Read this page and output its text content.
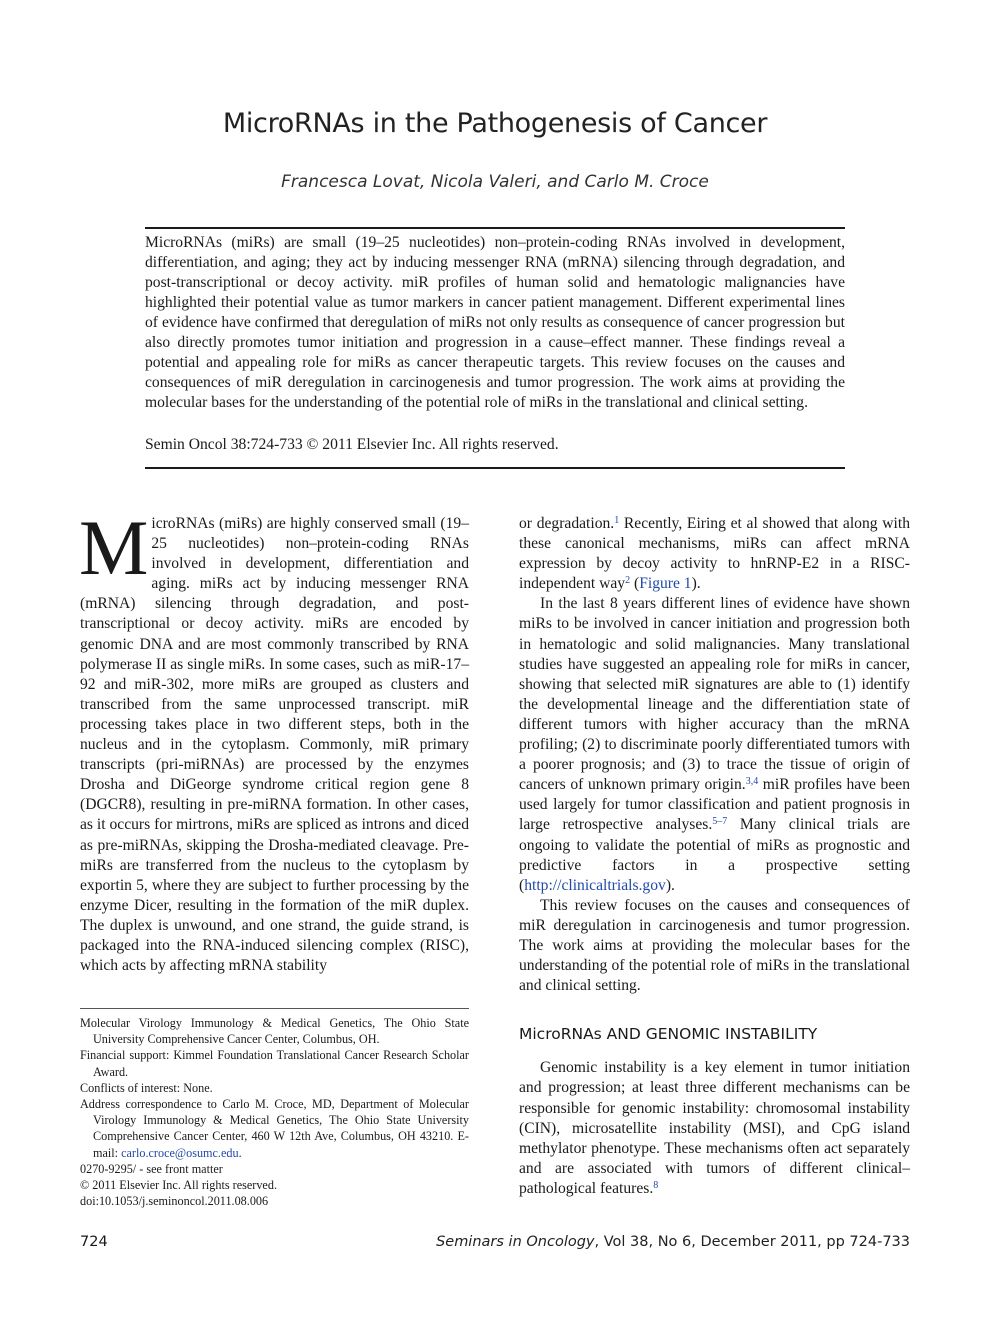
MicroRNAs in the Pathogenesis of Cancer
Francesca Lovat, Nicola Valeri, and Carlo M. Croce

MicroRNAs (miRs) are small (19–25 nucleotides) non–protein-coding RNAs involved in development, differentiation, and aging; they act by inducing messenger RNA (mRNA) silencing through degradation, and post-transcriptional or decoy activity. miR profiles of human solid and hematologic malignancies have highlighted their potential value as tumor markers in cancer patient management. Different experimental lines of evidence have confirmed that deregulation of miRs not only results as consequence of cancer progression but also directly promotes tumor initiation and progression in a cause–effect manner. These findings reveal a potential and appealing role for miRs as cancer therapeutic targets. This review focuses on the causes and consequences of miR deregulation in carcinogenesis and tumor progression. The work aims at providing the molecular bases for the understanding of the potential role of miRs in the translational and clinical setting.

Semin Oncol 38:724-733 © 2011 Elsevier Inc. All rights reserved.

MicroRNAs (miRs) are highly conserved small (19–25 nucleotides) non–protein-coding RNAs involved in development, differentiation and aging. miRs act by inducing messenger RNA (mRNA) silencing through degradation, and post-transcriptional or decoy activity. miRs are encoded by genomic DNA and are most commonly transcribed by RNA polymerase II as single miRs. In some cases, such as miR-17–92 and miR-302, more miRs are grouped as clusters and transcribed from the same unprocessed transcript. miR processing takes place in two different steps, both in the nucleus and in the cytoplasm. Commonly, miR primary transcripts (pri-miRNAs) are processed by the enzymes Drosha and DiGeorge syndrome critical region gene 8 (DGCR8), resulting in pre-miRNA formation. In other cases, as it occurs for mirtrons, miRs are spliced as introns and diced as pre-miRNAs, skipping the Drosha-mediated cleavage. Pre-miRs are transferred from the nucleus to the cytoplasm by exportin 5, where they are subject to further processing by the enzyme Dicer, resulting in the formation of the miR duplex. The duplex is unwound, and one strand, the guide strand, is packaged into the RNA-induced silencing complex (RISC), which acts by affecting mRNA stability

Molecular Virology Immunology & Medical Genetics, The Ohio State University Comprehensive Cancer Center, Columbus, OH.

Financial support: Kimmel Foundation Translational Cancer Research Scholar Award.

Conflicts of interest: None.

Address correspondence to Carlo M. Croce, MD, Department of Molecular Virology Immunology & Medical Genetics, The Ohio State University Comprehensive Cancer Center, 460 W 12th Ave, Columbus, OH 43210. E-mail: carlo.croce@osumc.edu.

0270-9295/ - see front matter

© 2011 Elsevier Inc. All rights reserved.

doi:10.1053/j.seminoncol.2011.08.006

or degradation.$^1$ Recently, Eiring et al showed that along with these canonical mechanisms, miRs can affect mRNA expression by decoy activity to hnRNP-E2 in a RISC-independent way$^2$ (Figure 1).

In the last 8 years different lines of evidence have shown miRs to be involved in cancer initiation and progression both in hematologic and solid malignancies. Many translational studies have suggested an appealing role for miRs in cancer, showing that selected miR signatures are able to (1) identify the developmental lineage and the differentiation state of different tumors with higher accuracy than the mRNA profiling; (2) to discriminate poorly differentiated tumors with a poorer prognosis; and (3) to trace the tissue of origin of cancers of unknown primary origin.$^{3,4}$ miR profiles have been used largely for tumor classification and patient prognosis in large retrospective analyses.$^{5-7}$ Many clinical trials are ongoing to validate the potential of miRs as prognostic and predictive factors in a prospective setting (http://clinicaltrials.gov).

This review focuses on the causes and consequences of miR deregulation in carcinogenesis and tumor progression. The work aims at providing the molecular bases for the understanding of the potential role of miRs in the translational and clinical setting.

MicroRNAs AND GENOMIC INSTABILITY

Genomic instability is a key element in tumor initiation and progression; at least three different mechanisms can be responsible for genomic instability: chromosomal instability (CIN), microsatellite instability (MSI), and CpG island methylator phenotype. These mechanisms often act separately and are associated with tumors of different clinical–pathological features.$^8$

724	Seminars in Oncology, Vol 38, No 6, December 2011, pp 724-733
